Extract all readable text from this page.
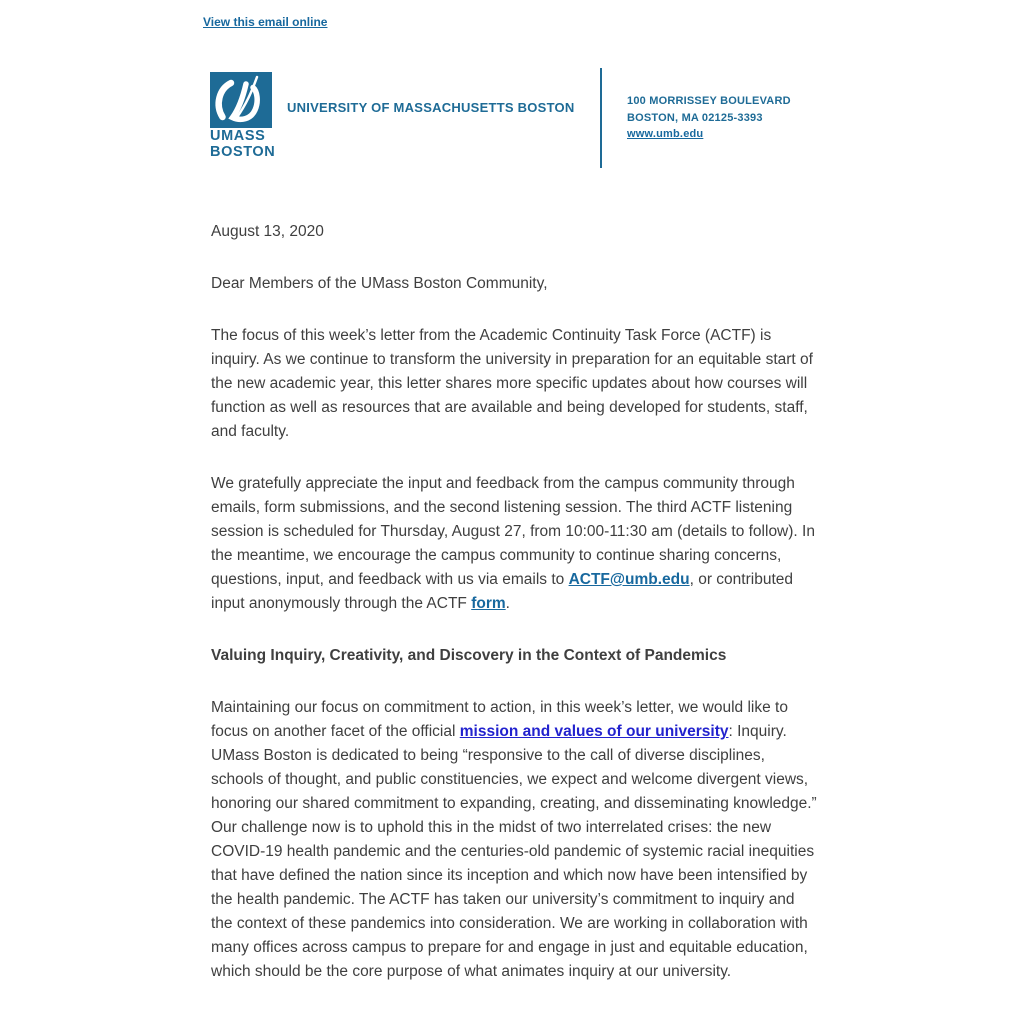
View this email online
UMASS
BOSTON
UNIVERSITY OF MASSACHUSETTS BOSTON	100 MORRISSEY BOULEVARD
BOSTON, MA 02125-3393
www.umb.edu

August 13, 2020

Dear Members of the UMass Boston Community,

The focus of this week’s letter from the Academic Continuity Task Force (ACTF) is inquiry. As we continue to transform the university in preparation for an equitable start of the new academic year, this letter shares more specific updates about how courses will function as well as resources that are available and being developed for students, staff, and faculty.

We gratefully appreciate the input and feedback from the campus community through emails, form submissions, and the second listening session. The third ACTF listening session is scheduled for Thursday, August 27, from 10:00-11:30 am (details to follow). In the meantime, we encourage the campus community to continue sharing concerns, questions, input, and feedback with us via emails to ACTF@umb.edu, or contributed input anonymously through the ACTF form.

Valuing Inquiry, Creativity, and Discovery in the Context of Pandemics

Maintaining our focus on commitment to action, in this week’s letter, we would like to focus on another facet of the official mission and values of our university: Inquiry. UMass Boston is dedicated to being “responsive to the call of diverse disciplines, schools of thought, and public constituencies, we expect and welcome divergent views, honoring our shared commitment to expanding, creating, and disseminating knowledge.” Our challenge now is to uphold this in the midst of two interrelated crises: the new COVID-19 health pandemic and the centuries-old pandemic of systemic racial inequities that have defined the nation since its inception and which now have been intensified by the health pandemic. The ACTF has taken our university’s commitment to inquiry and the context of these pandemics into consideration. We are working in collaboration with many offices across campus to prepare for and engage in just and equitable education, which should be the core purpose of what animates inquiry at our university.
